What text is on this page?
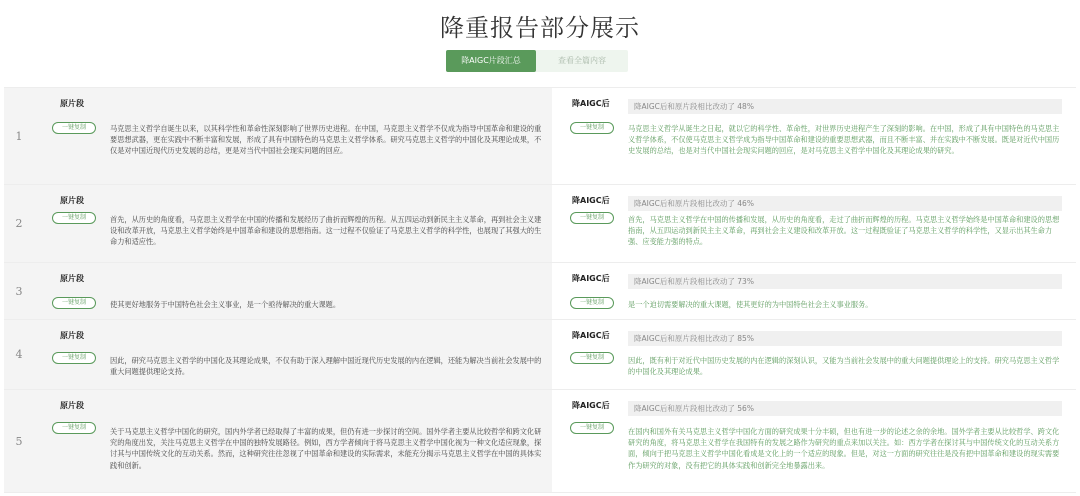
降重报告部分展示
降AIGC片段汇总	查看全篇内容
1
原片段
一键复制	马克思主义哲学自诞生以来，以其科学性和革命性深刻影响了世界历史进程。在中国，马克思主义哲学不仅成为指导中国革命和建设的重要思想武器，更在实践中不断丰富和发展，形成了具有中国特色的马克思主义哲学体系。研究马克思主义哲学的中国化及其理论成果，不仅是对中国近现代历史发展的总结，更是对当代中国社会现实问题的回应。
降AIGC后	降AIGC后和原片段相比改动了 48%
一键复制	马克思主义哲学从诞生之日起，就以它的科学性、革命性，对世界历史进程产生了深刻的影响。在中国，形成了具有中国特色的马克思主义哲学体系，不仅使马克思主义哲学成为指导中国革命和建设的重要思想武器，而且不断丰富、并在实践中不断发展。既是对近代中国历史发展的总结，也是对当代中国社会现实问题的回应，是对马克思主义哲学中国化及其理论成果的研究。
2
原片段
一键复制	首先，从历史的角度看，马克思主义哲学在中国的传播和发展经历了曲折而辉煌的历程。从五四运动到新民主主义革命，再到社会主义建设和改革开放，马克思主义哲学始终是中国革命和建设的思想指南。这一过程不仅验证了马克思主义哲学的科学性，也展现了其强大的生命力和适应性。
降AIGC后	降AIGC后和原片段相比改动了 46%
一键复制	首先，马克思主义哲学在中国的传播和发展，从历史的角度看，走过了曲折而辉煌的历程。马克思主义哲学始终是中国革命和建设的思想指南，从五四运动到新民主主义革命，再到社会主义建设和改革开放。这一过程既验证了马克思主义哲学的科学性，又显示出其生命力强、应变能力强的特点。
3
原片段
一键复制	使其更好地服务于中国特色社会主义事业，是一个亟待解决的重大课题。
降AIGC后	降AIGC后和原片段相比改动了 73%
一键复制	是一个迫切需要解决的重大课题，使其更好的为中国特色社会主义事业服务。
4
原片段
一键复制	因此，研究马克思主义哲学的中国化及其理论成果，不仅有助于深入理解中国近现代历史发展的内在逻辑，还能为解决当前社会发展中的重大问题提供理论支持。
降AIGC后	降AIGC后和原片段相比改动了 85%
一键复制	因此，既有利于对近代中国历史发展的内在逻辑的深刻认识，又能为当前社会发展中的重大问题提供理论上的支持。研究马克思主义哲学的中国化及其理论成果。
5
原片段
一键复制	关于马克思主义哲学中国化的研究，国内外学者已经取得了丰富的成果，但仍有进一步探讨的空间。国外学者主要从比较哲学和跨文化研究的角度出发，关注马克思主义哲学在中国的独特发展路径。例如，西方学者倾向于将马克思主义哲学中国化视为一种文化适应现象，探讨其与中国传统文化的互动关系。然而，这种研究往往忽视了中国革命和建设的实际需求，未能充分揭示马克思主义哲学在中国的具体实践和创新。
降AIGC后	降AIGC后和原片段相比改动了 56%
一键复制	在国内和国外有关马克思主义哲学中国化方面的研究成果十分丰硕，但也有进一步的论述之余的余地。国外学者主要从比较哲学、跨文化研究的角度，将马克思主义哲学在我国特有的发展之路作为研究的重点来加以关注。如：西方学者在探讨其与中国传统文化的互动关系方面，倾向于把马克思主义哲学中国化看成是文化上的一个适应的现象。但是，对这一方面的研究往往是没有把中国革命和建设的现实需要作为研究的对象，没有把它的具体实践和创新完全地暴露出来。
